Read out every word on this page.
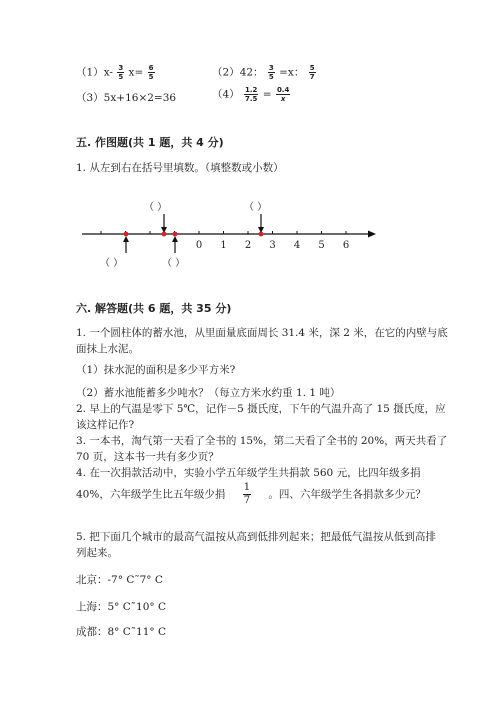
$(1)x- \frac{3}{5} x= \frac{6}{5}$	（2）42： $\frac{3}{5} =x$： $\frac{5}{7}$
（3）5x+16×2=36	$(4) \frac{1.2}{7.5} = \frac{0.4}{x}$
五. 作图题(共 1 题，共 4 分)
1. 从左到右在括号里填数。（填整数或小数）
（ ）	（ ）
（ ）	（ ）
0 1 2 3 4 5 6
六. 解答题(共 6 题，共 35 分)
1. 一个圆柱体的蓄水池，从里面量底面周长 31.4 米，深 2 米，在它的内壁与底
面抹上水泥。
（1）抹水泥的面积是多少平方米?
（2）蓄水池能蓄多少吨水？（每立方米水约重 1. 1 吨）
2. 早上的气温是零下 5℃，记作－5 摄氏度，下午的气温升高了 15 摄氏度，应
该这样记作?
3. 一本书，淘气第一天看了全书的 15%，第二天看了全书的 20%，两天共看了
70 页，这本书一共有多少页？
4. 在一次捐款活动中，实验小学五年级学生共捐款 560 元，比四年级多捐
40%，六年级学生比五年级少捐 $\frac{1}{7}$ 。四、六年级学生各捐款多少元？
5. 把下面几个城市的最高气温按从高到低排列起来；把最低气温按从低到高排
列起来。
北京：-7° C˜7° C
上海：5° C˜10° C
成都：8° C˜11° C
